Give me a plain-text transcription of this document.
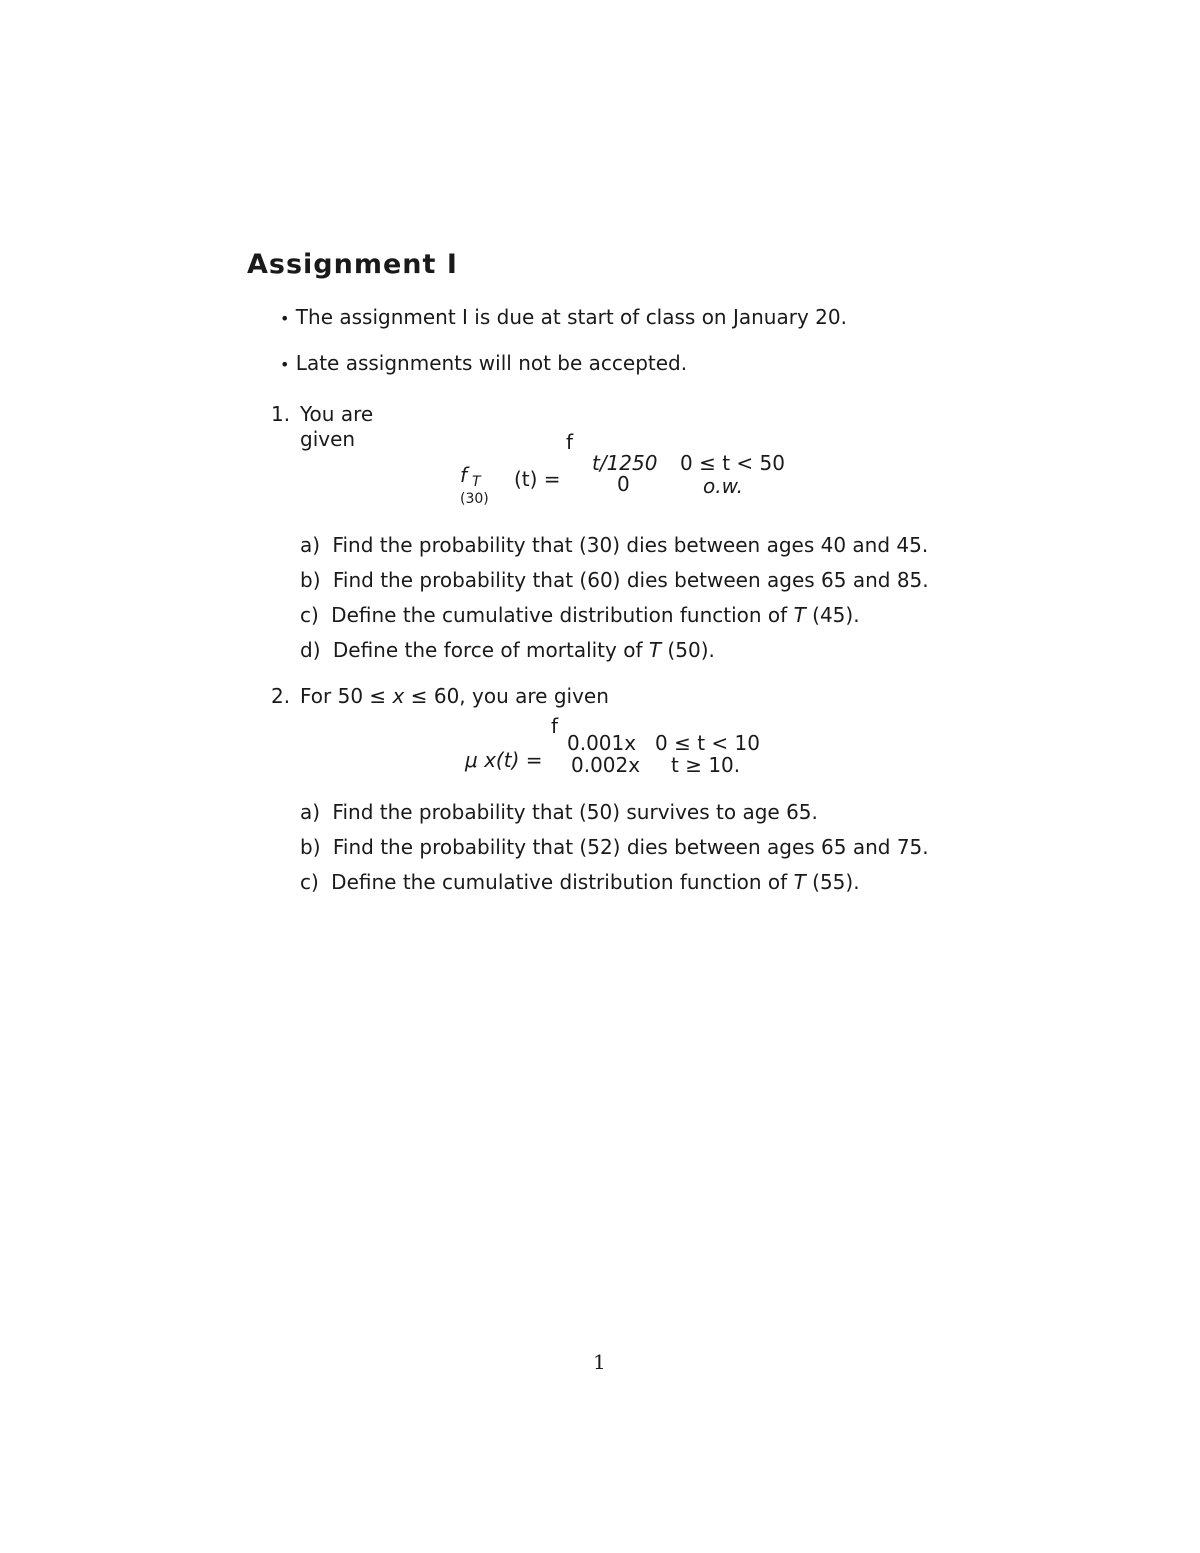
Assignment I
• The assignment I is due at start of class on January 20.
• Late assignments will not be accepted.
1. You are
given	f
f T
(30)
(t) =
t/1250 0 ≤ t < 50
0	o.w.
a) Find the probability that (30) dies between ages 40 and 45.
b) Find the probability that (60) dies between ages 65 and 85.
c) Define the cumulative distribution function of T (45).
d) Define the force of mortality of T (50).
2. For 50 ≤ x ≤ 60, you are given
f
μ x(t) =
0.001x 0 ≤ t < 10
0.002x t ≥ 10.
a) Find the probability that (50) survives to age 65.
b) Find the probability that (52) dies between ages 65 and 75.
c) Define the cumulative distribution function of T (55).
1
